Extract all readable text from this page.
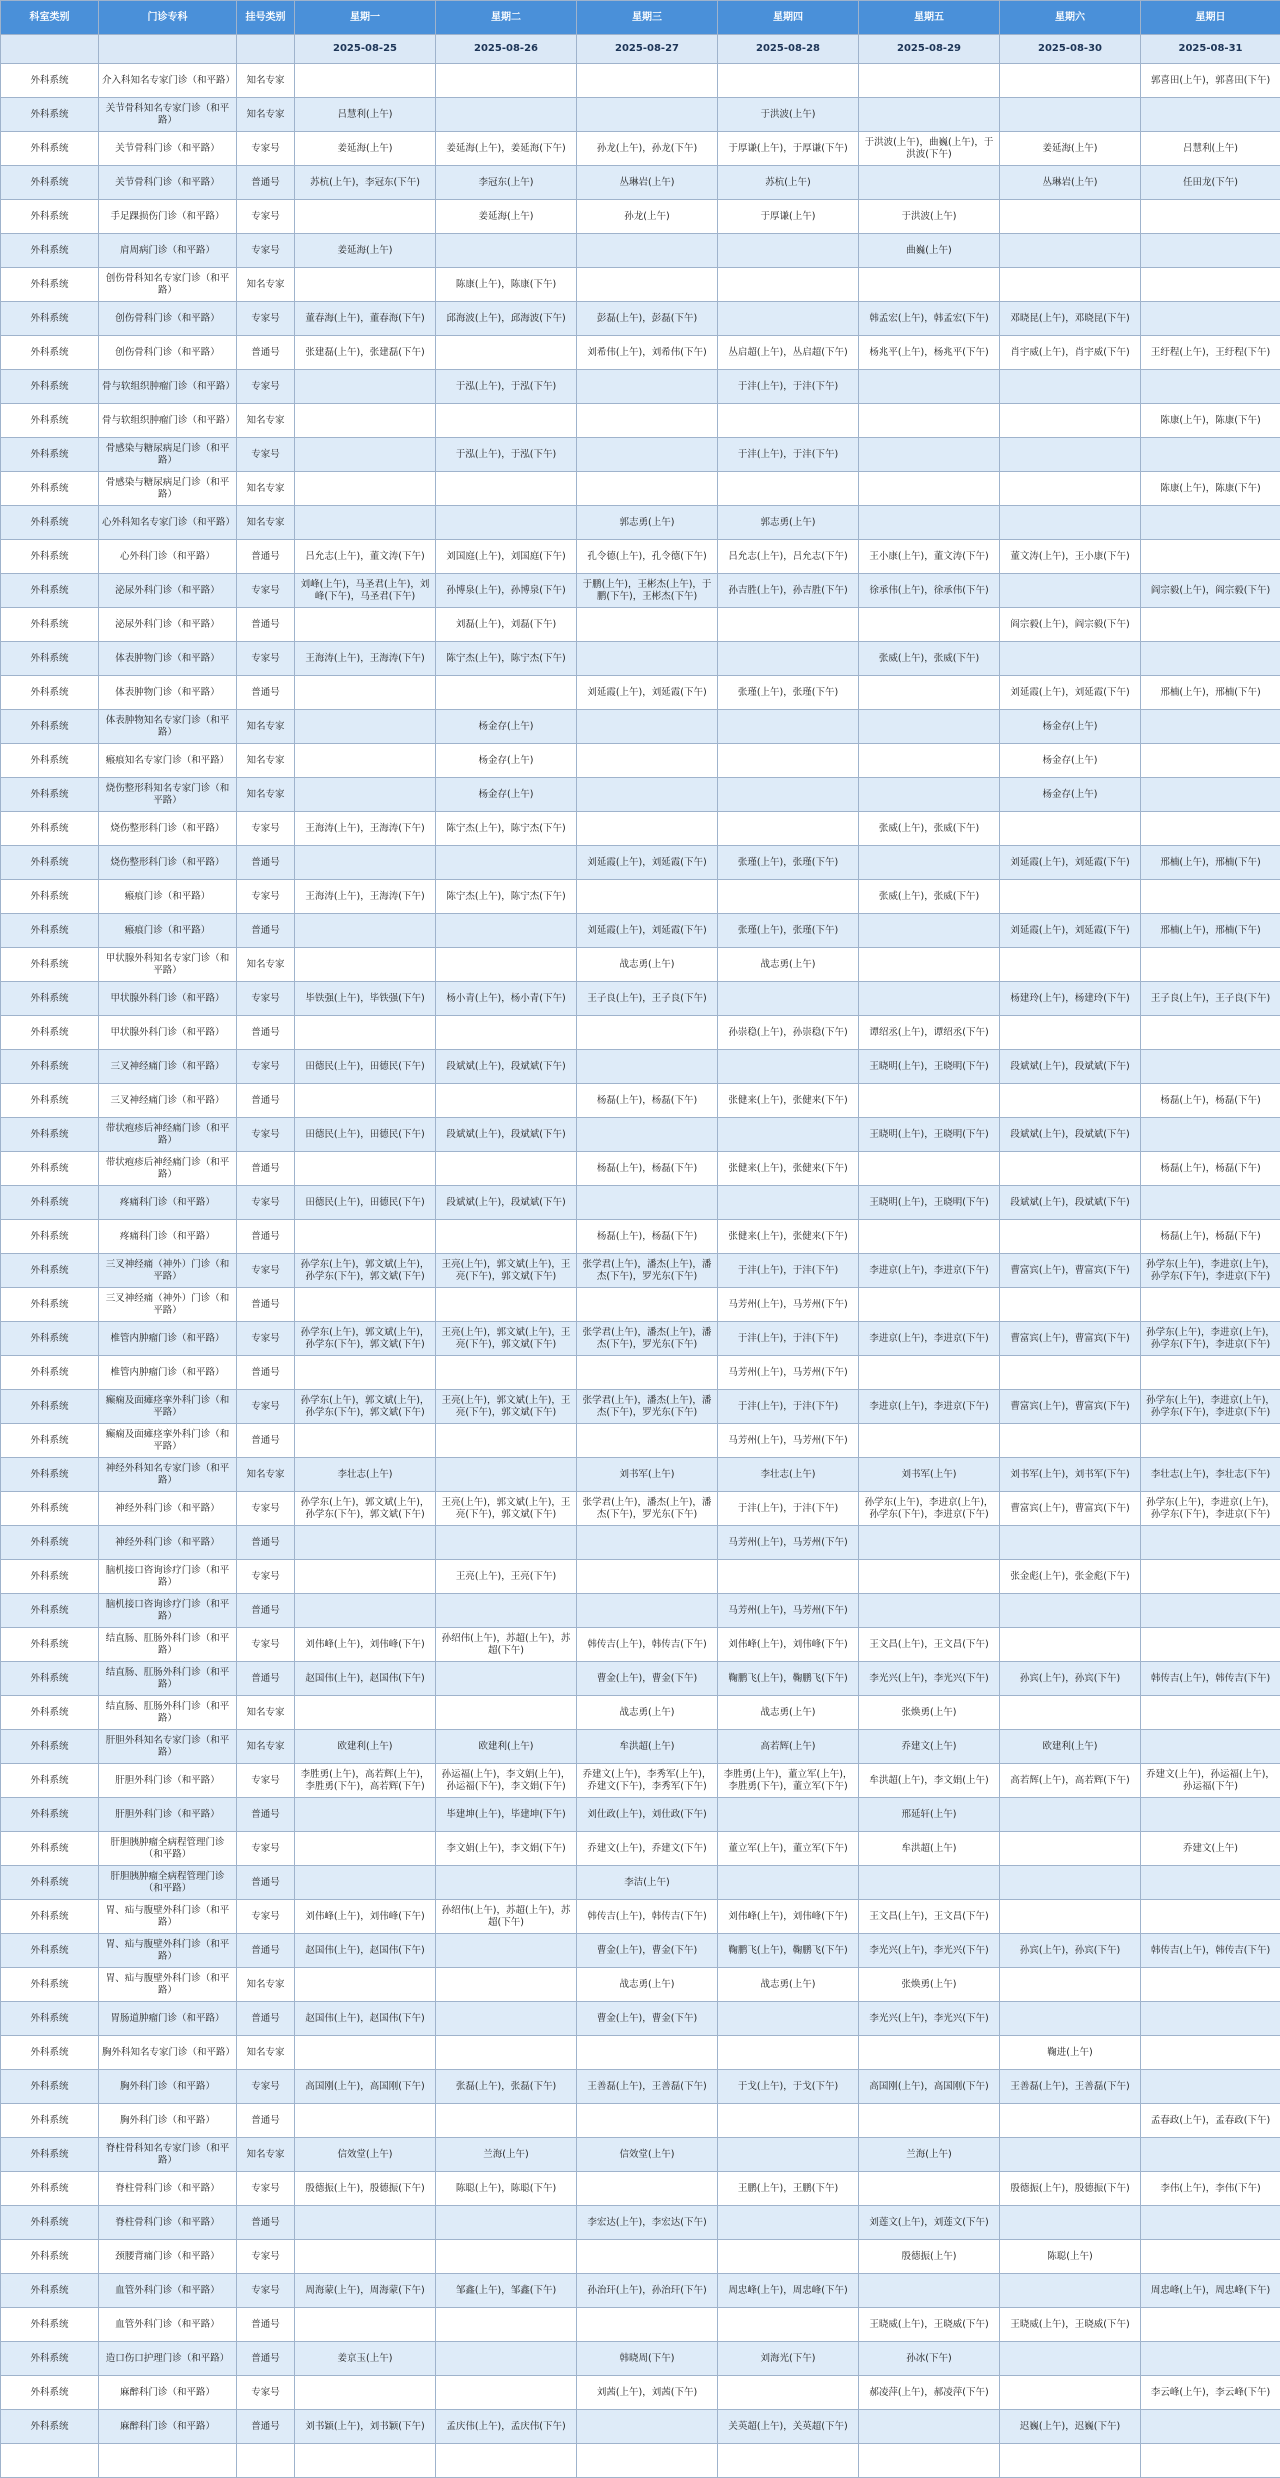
科室类别	门诊专科	挂号类别	星期一	星期二	星期三	星期四	星期五	星期六	星期日
			2025-08-25	2025-08-26	2025-08-27	2025-08-28	2025-08-29	2025-08-30	2025-08-31
外科系统	介入科知名专家门诊（和平路）	知名专家							郭喜田(上午)，郭喜田(下午)
外科系统	关节骨科知名专家门诊（和平路）	知名专家	吕慧利(上午)			于洪波(上午)			
外科系统	关节骨科门诊（和平路）	专家号	姜延海(上午)	姜延海(上午)，姜延海(下午)	孙龙(上午)，孙龙(下午)	于厚谦(上午)，于厚谦(下午)	于洪波(上午)，曲巍(上午)，于洪波(下午)	姜延海(上午)	吕慧利(上午)
外科系统	关节骨科门诊（和平路）	普通号	苏杭(上午)，李冠东(下午)	李冠东(上午)	丛琳岩(上午)	苏杭(上午)		丛琳岩(上午)	任田龙(下午)
外科系统	手足踝损伤门诊（和平路）	专家号		姜延海(上午)	孙龙(上午)	于厚谦(上午)	于洪波(上午)		
外科系统	肩周病门诊（和平路）	专家号	姜延海(上午)				曲巍(上午)		
外科系统	创伤骨科知名专家门诊（和平路）	知名专家		陈康(上午)，陈康(下午)					
外科系统	创伤骨科门诊（和平路）	专家号	董春海(上午)，董春海(下午)	邱海波(上午)，邱海波(下午)	彭磊(上午)，彭磊(下午)		韩孟宏(上午)，韩孟宏(下午)	邓晓昆(上午)，邓晓昆(下午)	
外科系统	创伤骨科门诊（和平路）	普通号	张建磊(上午)，张建磊(下午)		刘希伟(上午)，刘希伟(下午)	丛启超(上午)，丛启超(下午)	杨兆平(上午)，杨兆平(下午)	肖宇威(上午)，肖宇威(下午)	王纡程(上午)，王纡程(下午)
外科系统	骨与软组织肿瘤门诊（和平路）	专家号		于泓(上午)，于泓(下午)		于沣(上午)，于沣(下午)			
外科系统	骨与软组织肿瘤门诊（和平路）	知名专家							陈康(上午)，陈康(下午)
外科系统	骨感染与糖尿病足门诊（和平路）	专家号		于泓(上午)，于泓(下午)		于沣(上午)，于沣(下午)			
外科系统	骨感染与糖尿病足门诊（和平路）	知名专家							陈康(上午)，陈康(下午)
外科系统	心外科知名专家门诊（和平路）	知名专家			郭志勇(上午)	郭志勇(上午)			
外科系统	心外科门诊（和平路）	普通号	吕允志(上午)，董文涛(下午)	刘国庭(上午)，刘国庭(下午)	孔令德(上午)，孔令德(下午)	吕允志(上午)，吕允志(下午)	王小康(上午)，董文涛(下午)	董文涛(上午)，王小康(下午)	
外科系统	泌尿外科门诊（和平路）	专家号	刘峰(上午)，马圣君(上午)，刘峰(下午)，马圣君(下午)	孙博泉(上午)，孙博泉(下午)	于鹏(上午)，王彬杰(上午)，于鹏(下午)，王彬杰(下午)	孙吉胜(上午)，孙吉胜(下午)	徐承伟(上午)，徐承伟(下午)		阎宗毅(上午)，阎宗毅(下午)
外科系统	泌尿外科门诊（和平路）	普通号		刘磊(上午)，刘磊(下午)				阎宗毅(上午)，阎宗毅(下午)	
外科系统	体表肿物门诊（和平路）	专家号	王海涛(上午)，王海涛(下午)	陈宁杰(上午)，陈宁杰(下午)			张威(上午)，张威(下午)		
外科系统	体表肿物门诊（和平路）	普通号			刘延霞(上午)，刘延霞(下午)	张瑾(上午)，张瑾(下午)		刘延霞(上午)，刘延霞(下午)	邢楠(上午)，邢楠(下午)
外科系统	体表肿物知名专家门诊（和平路）	知名专家		杨金存(上午)				杨金存(上午)	
外科系统	瘢痕知名专家门诊（和平路）	知名专家		杨金存(上午)				杨金存(上午)	
外科系统	烧伤整形科知名专家门诊（和平路）	知名专家		杨金存(上午)				杨金存(上午)	
外科系统	烧伤整形科门诊（和平路）	专家号	王海涛(上午)，王海涛(下午)	陈宁杰(上午)，陈宁杰(下午)			张威(上午)，张威(下午)		
外科系统	烧伤整形科门诊（和平路）	普通号			刘延霞(上午)，刘延霞(下午)	张瑾(上午)，张瑾(下午)		刘延霞(上午)，刘延霞(下午)	邢楠(上午)，邢楠(下午)
外科系统	瘢痕门诊（和平路）	专家号	王海涛(上午)，王海涛(下午)	陈宁杰(上午)，陈宁杰(下午)			张威(上午)，张威(下午)		
外科系统	瘢痕门诊（和平路）	普通号			刘延霞(上午)，刘延霞(下午)	张瑾(上午)，张瑾(下午)		刘延霞(上午)，刘延霞(下午)	邢楠(上午)，邢楠(下午)
外科系统	甲状腺外科知名专家门诊（和平路）	知名专家			战志勇(上午)	战志勇(上午)			
外科系统	甲状腺外科门诊（和平路）	专家号	毕铁强(上午)，毕铁强(下午)	杨小青(上午)，杨小青(下午)	王子良(上午)，王子良(下午)			杨建玲(上午)，杨建玲(下午)	王子良(上午)，王子良(下午)
外科系统	甲状腺外科门诊（和平路）	普通号				孙崇稳(上午)，孙崇稳(下午)	谭绍丞(上午)，谭绍丞(下午)		
外科系统	三叉神经痛门诊（和平路）	专家号	田德民(上午)，田德民(下午)	段斌斌(上午)，段斌斌(下午)			王晓明(上午)，王晓明(下午)	段斌斌(上午)，段斌斌(下午)	
外科系统	三叉神经痛门诊（和平路）	普通号			杨磊(上午)，杨磊(下午)	张健来(上午)，张健来(下午)			杨磊(上午)，杨磊(下午)
外科系统	带状疱疹后神经痛门诊（和平路）	专家号	田德民(上午)，田德民(下午)	段斌斌(上午)，段斌斌(下午)			王晓明(上午)，王晓明(下午)	段斌斌(上午)，段斌斌(下午)	
外科系统	带状疱疹后神经痛门诊（和平路）	普通号			杨磊(上午)，杨磊(下午)	张健来(上午)，张健来(下午)			杨磊(上午)，杨磊(下午)
外科系统	疼痛科门诊（和平路）	专家号	田德民(上午)，田德民(下午)	段斌斌(上午)，段斌斌(下午)			王晓明(上午)，王晓明(下午)	段斌斌(上午)，段斌斌(下午)	
外科系统	疼痛科门诊（和平路）	普通号			杨磊(上午)，杨磊(下午)	张健来(上午)，张健来(下午)			杨磊(上午)，杨磊(下午)
外科系统	三叉神经痛（神外）门诊（和平路）	专家号	孙学东(上午)，郭文斌(上午)，孙学东(下午)，郭文斌(下午)	王亮(上午)，郭文斌(上午)，王亮(下午)，郭文斌(下午)	张学君(上午)，潘杰(上午)，潘杰(下午)，罗光东(下午)	于沣(上午)，于沣(下午)	李进京(上午)，李进京(下午)	曹富宾(上午)，曹富宾(下午)	孙学东(上午)，李进京(上午)，孙学东(下午)，李进京(下午)
外科系统	三叉神经痛（神外）门诊（和平路）	普通号				马芳州(上午)，马芳州(下午)			
外科系统	椎管内肿瘤门诊（和平路）	专家号	孙学东(上午)，郭文斌(上午)，孙学东(下午)，郭文斌(下午)	王亮(上午)，郭文斌(上午)，王亮(下午)，郭文斌(下午)	张学君(上午)，潘杰(上午)，潘杰(下午)，罗光东(下午)	于沣(上午)，于沣(下午)	李进京(上午)，李进京(下午)	曹富宾(上午)，曹富宾(下午)	孙学东(上午)，李进京(上午)，孙学东(下午)，李进京(下午)
外科系统	椎管内肿瘤门诊（和平路）	普通号				马芳州(上午)，马芳州(下午)			
外科系统	癫痫及面瘫痉挛外科门诊（和平路）	专家号	孙学东(上午)，郭文斌(上午)，孙学东(下午)，郭文斌(下午)	王亮(上午)，郭文斌(上午)，王亮(下午)，郭文斌(下午)	张学君(上午)，潘杰(上午)，潘杰(下午)，罗光东(下午)	于沣(上午)，于沣(下午)	李进京(上午)，李进京(下午)	曹富宾(上午)，曹富宾(下午)	孙学东(上午)，李进京(上午)，孙学东(下午)，李进京(下午)
外科系统	癫痫及面瘫痉挛外科门诊（和平路）	普通号				马芳州(上午)，马芳州(下午)			
外科系统	神经外科知名专家门诊（和平路）	知名专家	李壮志(上午)		刘书军(上午)	李壮志(上午)	刘书军(上午)	刘书军(上午)，刘书军(下午)	李壮志(上午)，李壮志(下午)
外科系统	神经外科门诊（和平路）	专家号	孙学东(上午)，郭文斌(上午)，孙学东(下午)，郭文斌(下午)	王亮(上午)，郭文斌(上午)，王亮(下午)，郭文斌(下午)	张学君(上午)，潘杰(上午)，潘杰(下午)，罗光东(下午)	于沣(上午)，于沣(下午)	孙学东(上午)，李进京(上午)，孙学东(下午)，李进京(下午)	曹富宾(上午)，曹富宾(下午)	孙学东(上午)，李进京(上午)，孙学东(下午)，李进京(下午)
外科系统	神经外科门诊（和平路）	普通号				马芳州(上午)，马芳州(下午)			
外科系统	脑机接口咨询诊疗门诊（和平路）	专家号		王亮(上午)，王亮(下午)				张金彪(上午)，张金彪(下午)	
外科系统	脑机接口咨询诊疗门诊（和平路）	普通号				马芳州(上午)，马芳州(下午)			
外科系统	结直肠、肛肠外科门诊（和平路）	专家号	刘伟峰(上午)，刘伟峰(下午)	孙绍伟(上午)，苏超(上午)，苏超(下午)	韩传吉(上午)，韩传吉(下午)	刘伟峰(上午)，刘伟峰(下午)	王文昌(上午)，王文昌(下午)		
外科系统	结直肠、肛肠外科门诊（和平路）	普通号	赵国伟(上午)，赵国伟(下午)		曹金(上午)，曹金(下午)	鞠鹏飞(上午)，鞠鹏飞(下午)	李光兴(上午)，李光兴(下午)	孙宾(上午)，孙宾(下午)	韩传吉(上午)，韩传吉(下午)
外科系统	结直肠、肛肠外科门诊（和平路）	知名专家			战志勇(上午)	战志勇(上午)	张焕勇(上午)		
外科系统	肝胆外科知名专家门诊（和平路）	知名专家	欧建利(上午)	欧建利(上午)	牟洪超(上午)	高若辉(上午)	乔建文(上午)	欧建利(上午)	
外科系统	肝胆外科门诊（和平路）	专家号	李胜勇(上午)，高若辉(上午)，李胜勇(下午)，高若辉(下午)	孙运福(上午)，李文娟(上午)，孙运福(下午)，李文娟(下午)	乔建文(上午)，李秀军(上午)，乔建文(下午)，李秀军(下午)	李胜勇(上午)，董立军(上午)，李胜勇(下午)，董立军(下午)	牟洪超(上午)，李文娟(上午)	高若辉(上午)，高若辉(下午)	乔建文(上午)，孙运福(上午)，孙运福(下午)
外科系统	肝胆外科门诊（和平路）	普通号		毕建坤(上午)，毕建坤(下午)	刘仕政(上午)，刘仕政(下午)		邢延轩(上午)		
外科系统	肝胆胰肿瘤全病程管理门诊（和平路）	专家号		李文娟(上午)，李文娟(下午)	乔建文(上午)，乔建文(下午)	董立军(上午)，董立军(下午)	牟洪超(上午)		乔建文(上午)
外科系统	肝胆胰肿瘤全病程管理门诊（和平路）	普通号			李洁(上午)				
外科系统	胃、疝与腹壁外科门诊（和平路）	专家号	刘伟峰(上午)，刘伟峰(下午)	孙绍伟(上午)，苏超(上午)，苏超(下午)	韩传吉(上午)，韩传吉(下午)	刘伟峰(上午)，刘伟峰(下午)	王文昌(上午)，王文昌(下午)		
外科系统	胃、疝与腹壁外科门诊（和平路）	普通号	赵国伟(上午)，赵国伟(下午)		曹金(上午)，曹金(下午)	鞠鹏飞(上午)，鞠鹏飞(下午)	李光兴(上午)，李光兴(下午)	孙宾(上午)，孙宾(下午)	韩传吉(上午)，韩传吉(下午)
外科系统	胃、疝与腹壁外科门诊（和平路）	知名专家			战志勇(上午)	战志勇(上午)	张焕勇(上午)		
外科系统	胃肠道肿瘤门诊（和平路）	普通号	赵国伟(上午)，赵国伟(下午)		曹金(上午)，曹金(下午)		李光兴(上午)，李光兴(下午)		
外科系统	胸外科知名专家门诊（和平路）	知名专家						鞠进(上午)	
外科系统	胸外科门诊（和平路）	专家号	高国刚(上午)，高国刚(下午)	张磊(上午)，张磊(下午)	王善磊(上午)，王善磊(下午)	于戈(上午)，于戈(下午)	高国刚(上午)，高国刚(下午)	王善磊(上午)，王善磊(下午)	
外科系统	胸外科门诊（和平路）	普通号							孟春政(上午)，孟春政(下午)
外科系统	脊柱骨科知名专家门诊（和平路）	知名专家	信效堂(上午)	兰海(上午)	信效堂(上午)		兰海(上午)		
外科系统	脊柱骨科门诊（和平路）	专家号	殷德振(上午)，殷德振(下午)	陈聪(上午)，陈聪(下午)		王鹏(上午)，王鹏(下午)		殷德振(上午)，殷德振(下午)	李伟(上午)，李伟(下午)
外科系统	脊柱骨科门诊（和平路）	普通号			李宏达(上午)，李宏达(下午)		刘莲文(上午)，刘莲文(下午)		
外科系统	颈腰背痛门诊（和平路）	专家号					殷德振(上午)	陈聪(上午)	
外科系统	血管外科门诊（和平路）	专家号	周海蒙(上午)，周海蒙(下午)	邹鑫(上午)，邹鑫(下午)	孙治玕(上午)，孙治玕(下午)	周忠峰(上午)，周忠峰(下午)			周忠峰(上午)，周忠峰(下午)
外科系统	血管外科门诊（和平路）	普通号					王晓威(上午)，王晓威(下午)	王晓威(上午)，王晓威(下午)	
外科系统	造口伤口护理门诊（和平路）	普通号	姜京玉(上午)		韩晓周(下午)	刘海光(下午)	孙冰(下午)		
外科系统	麻醉科门诊（和平路）	专家号			刘茜(上午)，刘茜(下午)		郝凌萍(上午)，郝凌萍(下午)		李云峰(上午)，李云峰(下午)
外科系统	麻醉科门诊（和平路）	普通号	刘书颖(上午)，刘书颖(下午)	孟庆伟(上午)，孟庆伟(下午)		关英超(上午)，关英超(下午)		迟巍(上午)，迟巍(下午)	
